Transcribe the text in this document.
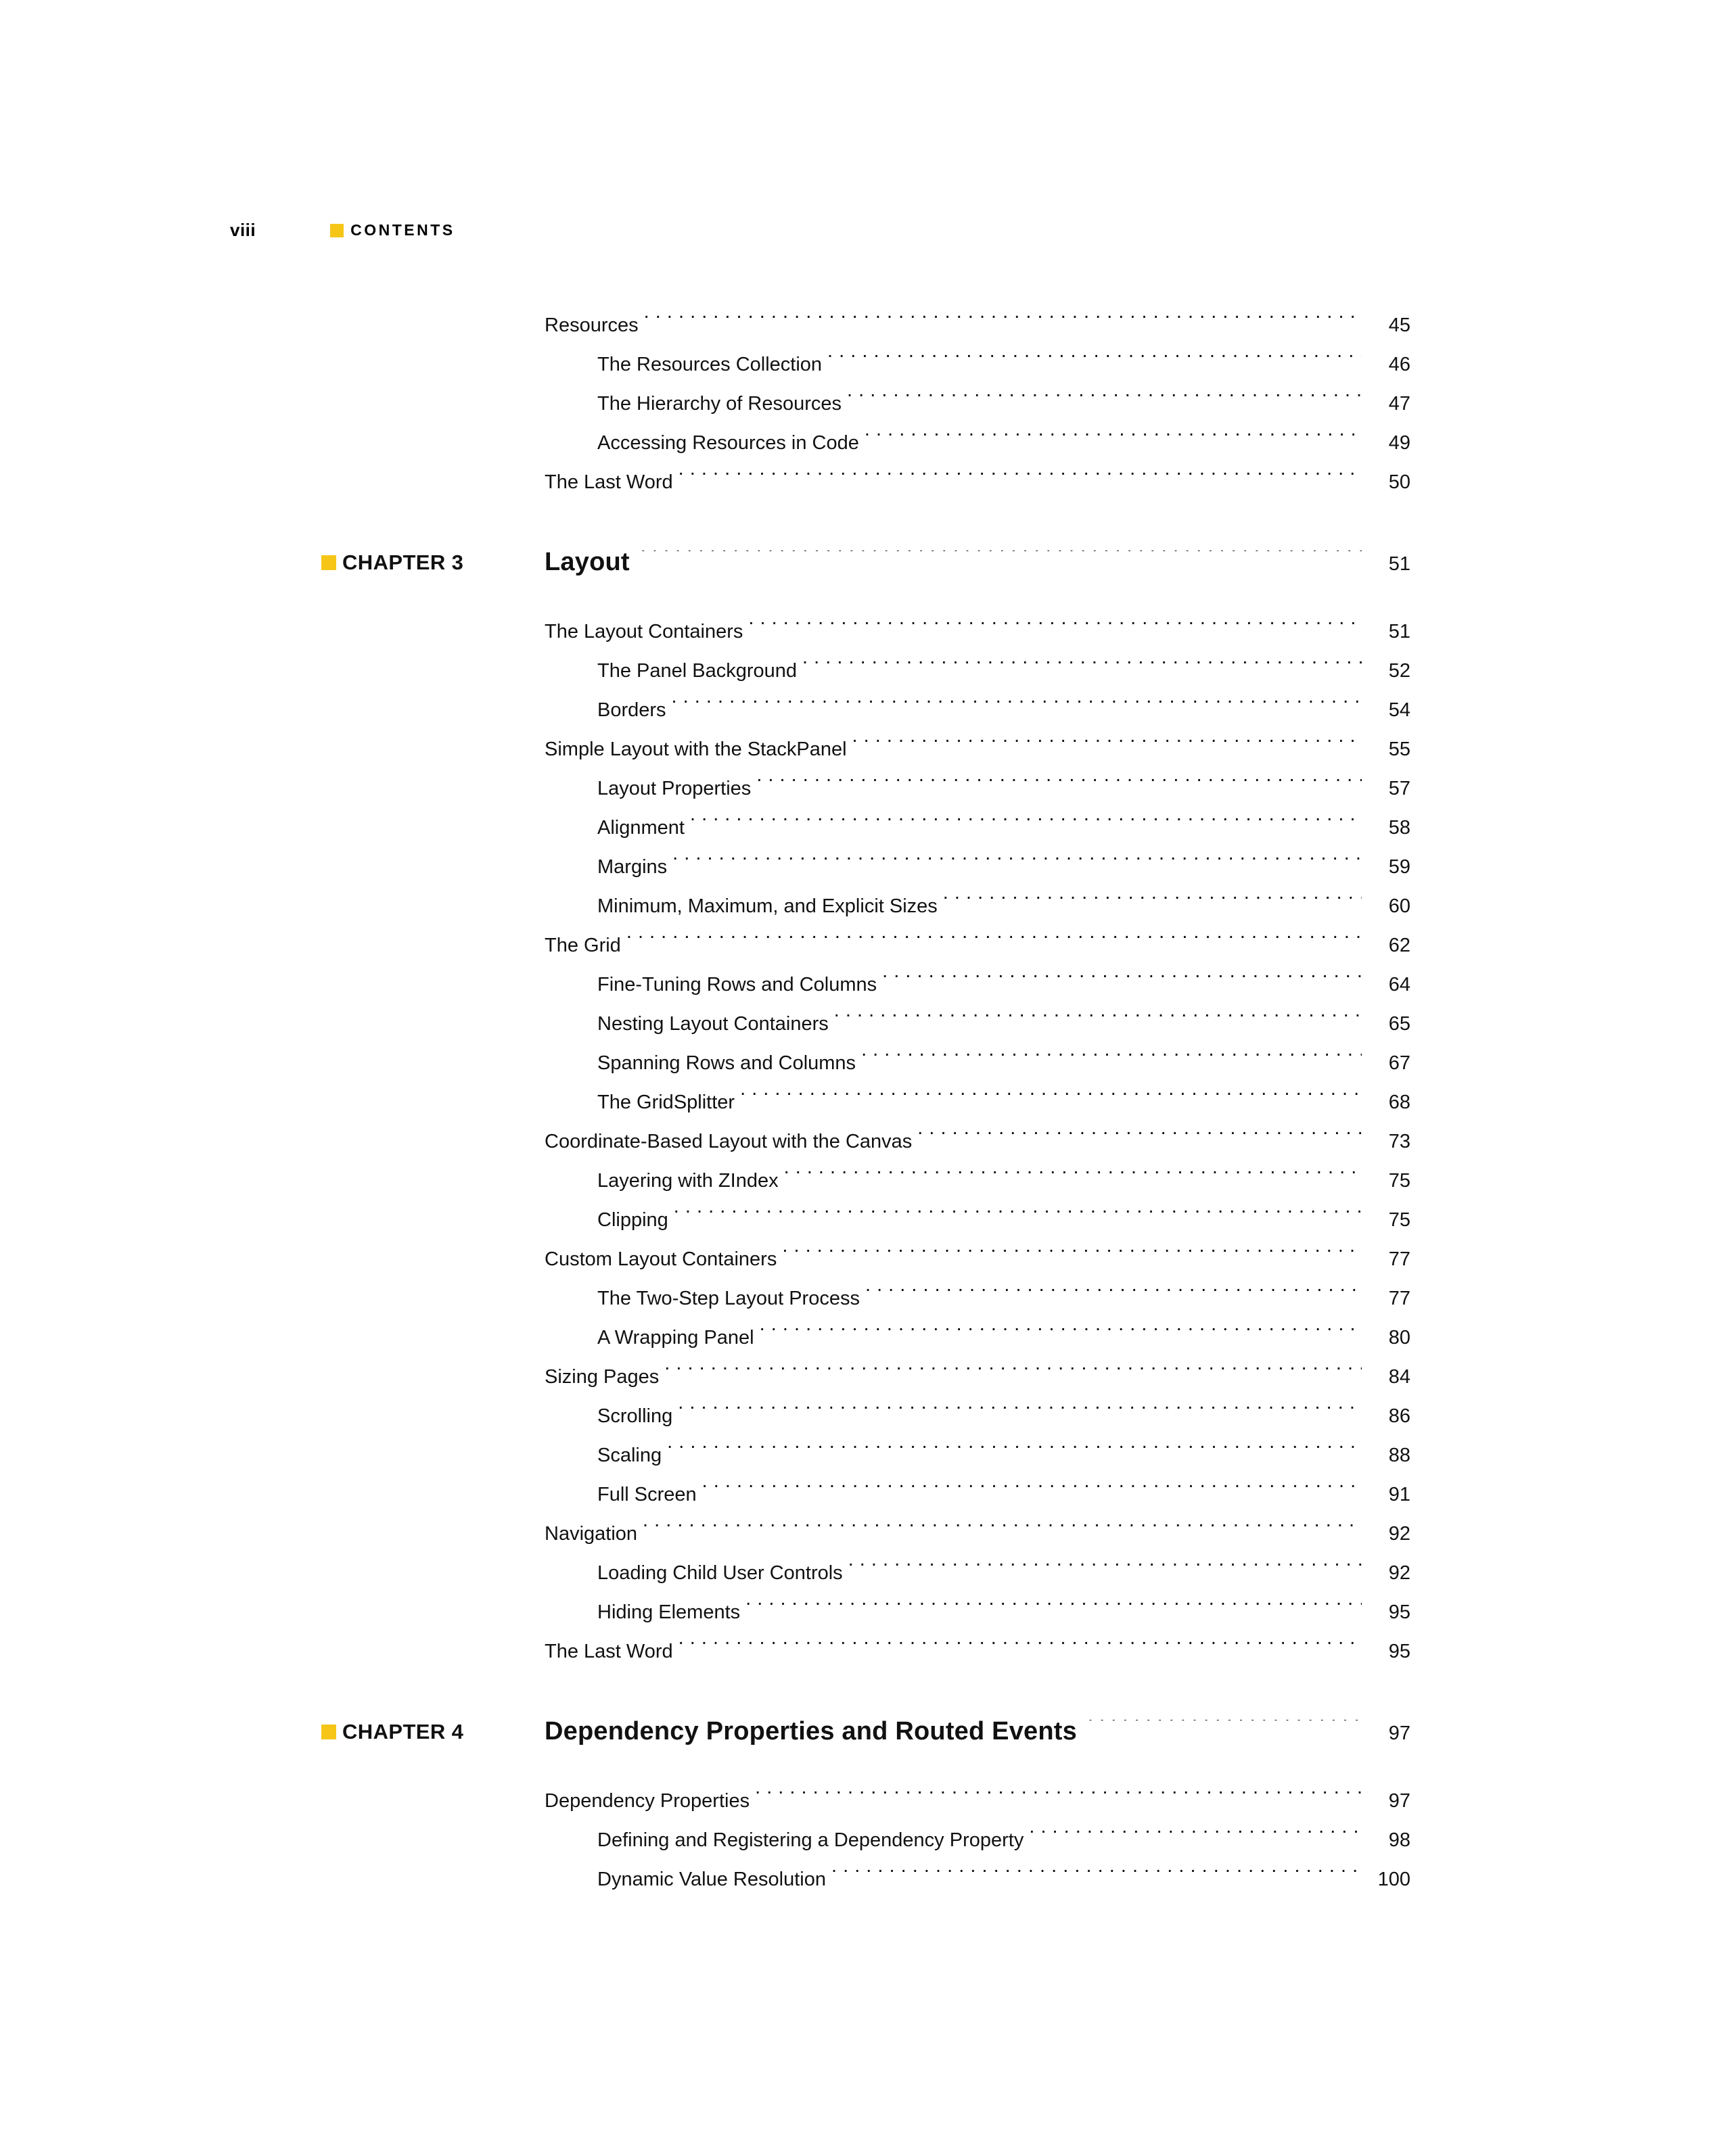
viii	CONTENTS
Resources . . .	45
The Resources Collection . . .	46
The Hierarchy of Resources . . .	47
Accessing Resources in Code . . .	49
The Last Word . . .	50
CHAPTER 3	Layout . . .	51
The Layout Containers . . .	51
The Panel Background . . .	52
Borders . . .	54
Simple Layout with the StackPanel . . .	55
Layout Properties . . .	57
Alignment . . .	58
Margins . . .	59
Minimum, Maximum, and Explicit Sizes . . .	60
The Grid . . .	62
Fine-Tuning Rows and Columns . . .	64
Nesting Layout Containers . . .	65
Spanning Rows and Columns . . .	67
The GridSplitter . . .	68
Coordinate-Based Layout with the Canvas . . .	73
Layering with ZIndex . . .	75
Clipping . . .	75
Custom Layout Containers . . .	77
The Two-Step Layout Process . . .	77
A Wrapping Panel . . .	80
Sizing Pages . . .	84
Scrolling . . .	86
Scaling . . .	88
Full Screen . . .	91
Navigation . . .	92
Loading Child User Controls . . .	92
Hiding Elements . . .	95
The Last Word . . .	95
CHAPTER 4	Dependency Properties and Routed Events . . .	97
Dependency Properties . . .	97
Defining and Registering a Dependency Property . . .	98
Dynamic Value Resolution . . .	100
